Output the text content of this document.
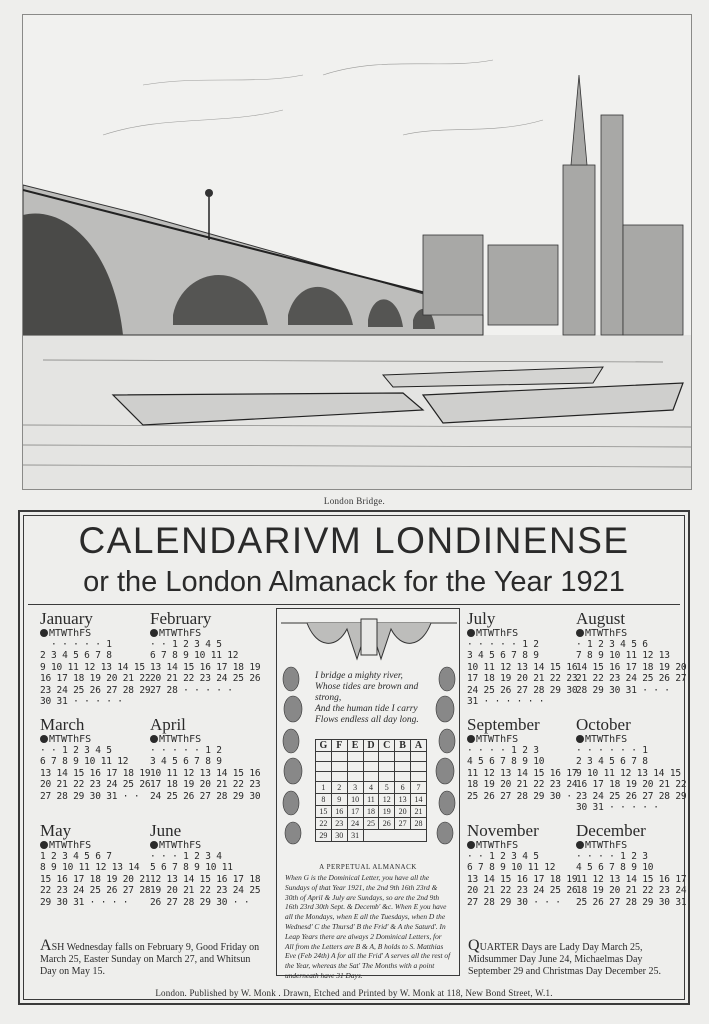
London Bridge.
CALENDARIVM LONDINENSE
or the London Almanack for the Year 1921
January
MTWThFS
· · · · · 1
2 3 4 5 6 7 8
9 10 11 12 13 14 15
16 17 18 19 20 21 22
23 24 25 26 27 28 29
30 31 · · · · ·
February
MTWThFS
· · 1 2 3 4 5
6 7 8 9 10 11 12
13 14 15 16 17 18 19
20 21 22 23 24 25 26
27 28 · · · · ·
March
MTWThFS
· · 1 2 3 4 5
6 7 8 9 10 11 12
13 14 15 16 17 18 19
20 21 22 23 24 25 26
27 28 29 30 31 · ·
April
MTWThFS
· · · · · 1 2
3 4 5 6 7 8 9
10 11 12 13 14 15 16
17 18 19 20 21 22 23
24 25 26 27 28 29 30
May
MTWThFS
1 2 3 4 5 6 7
8 9 10 11 12 13 14
15 16 17 18 19 20 21
22 23 24 25 26 27 28
29 30 31 · · · ·
June
MTWThFS
· · · 1 2 3 4
5 6 7 8 9 10 11
12 13 14 15 16 17 18
19 20 21 22 23 24 25
26 27 28 29 30 · ·
July
MTWThFS
· · · · · 1 2
3 4 5 6 7 8 9
10 11 12 13 14 15 16
17 18 19 20 21 22 23
24 25 26 27 28 29 30
31 · · · · · ·
August
MTWThFS
· 1 2 3 4 5 6
7 8 9 10 11 12 13
14 15 16 17 18 19 20
21 22 23 24 25 26 27
28 29 30 31 · · ·
September
MTWThFS
· · · · 1 2 3
4 5 6 7 8 9 10
11 12 13 14 15 16 17
18 19 20 21 22 23 24
25 26 27 28 29 30 ·
October
MTWThFS
· · · · · · 1
2 3 4 5 6 7 8
9 10 11 12 13 14 15
16 17 18 19 20 21 22
23 24 25 26 27 28 29
30 31 · · · · ·
November
MTWThFS
· · 1 2 3 4 5
6 7 8 9 10 11 12
13 14 15 16 17 18 19
20 21 22 23 24 25 26
27 28 29 30 · · ·
December
MTWThFS
· · · · 1 2 3
4 5 6 7 8 9 10
11 12 13 14 15 16 17
18 19 20 21 22 23 24
25 26 27 28 29 30 31
I bridge a mighty river,
Whose tides are brown and
strong,
And the human tide I carry
Flows endless all day long.
G	F	E	D	C	B	A

1	2	3	4	5	6	7
8	9	10	11	12	13	14
15	16	17	18	19	20	21
22	23	24	25	26	27	28
29	30	31				
A PERPETUAL ALMANACK
When G is the Dominical Letter, you have all the Sundays of that Year 1921, the 2nd 9th 16th 23rd & 30th of April & July are Sundays, so are the 2nd 9th 16th 23rd 30th Sept. & Decemb' &c. When E you have all the Mondays, when E all the Tuesdays, when D the Wednesd' C the Thursd' B the Frid' & A the Saturd'. In Leap Years there are always 2 Dominical Letters, for All from the Letters are B & A, B holds to S. Matthias Eve (Feb 24th) A for all the Frid' A serves all the rest of the Year, whereas the Sat' The Months with a point underneath have 31 Days.
ASH Wednesday falls on February 9, Good Friday on March 25, Easter Sunday on March 27, and Whitsun Day on May 15.
QUARTER Days are Lady Day March 25, Midsummer Day June 24, Michaelmas Day September 29 and Christmas Day December 25.
London. Published by W. Monk . Drawn, Etched and Printed by W. Monk at 118, New Bond Street, W.1.
